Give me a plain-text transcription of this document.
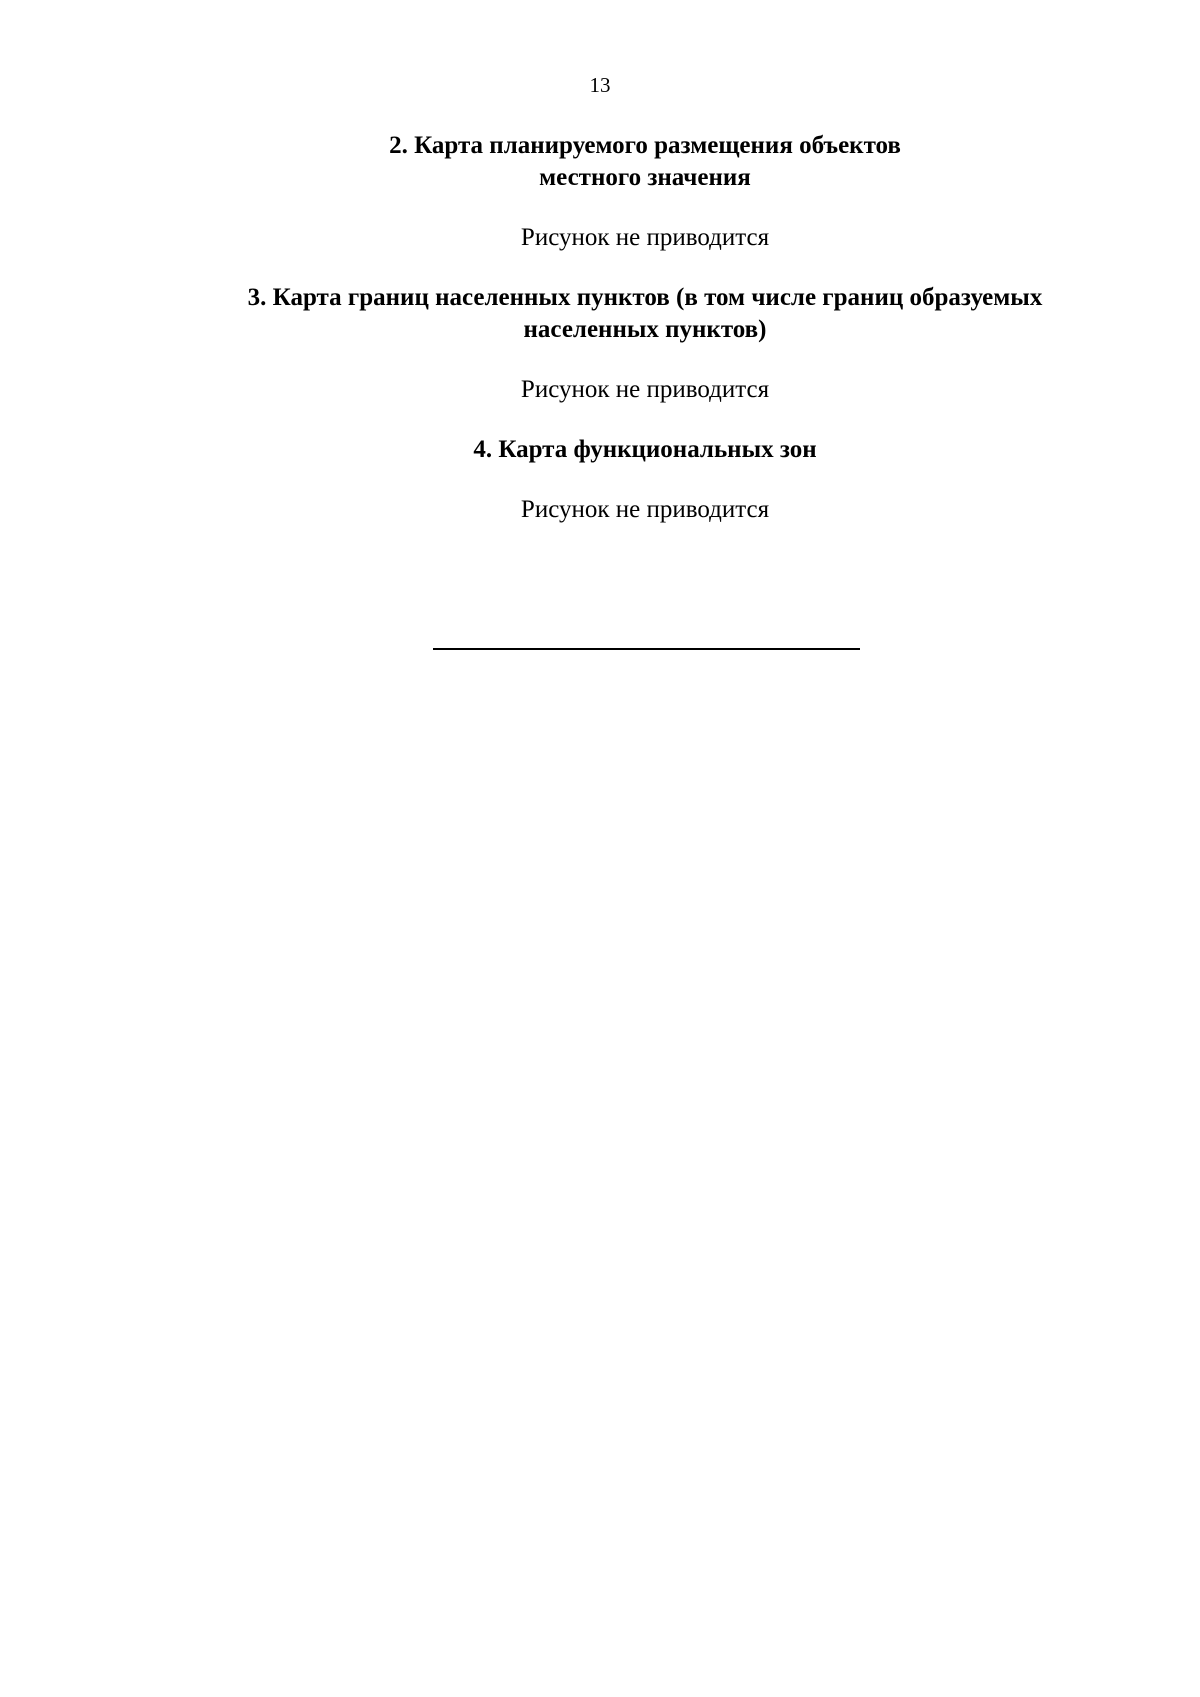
13
2. Карта планируемого размещения объектов
местного значения

Рисунок не приводится

3. Карта границ населенных пунктов (в том числе границ образуемых
населенных пунктов)

Рисунок не приводится

4. Карта функциональных зон

Рисунок не приводится
